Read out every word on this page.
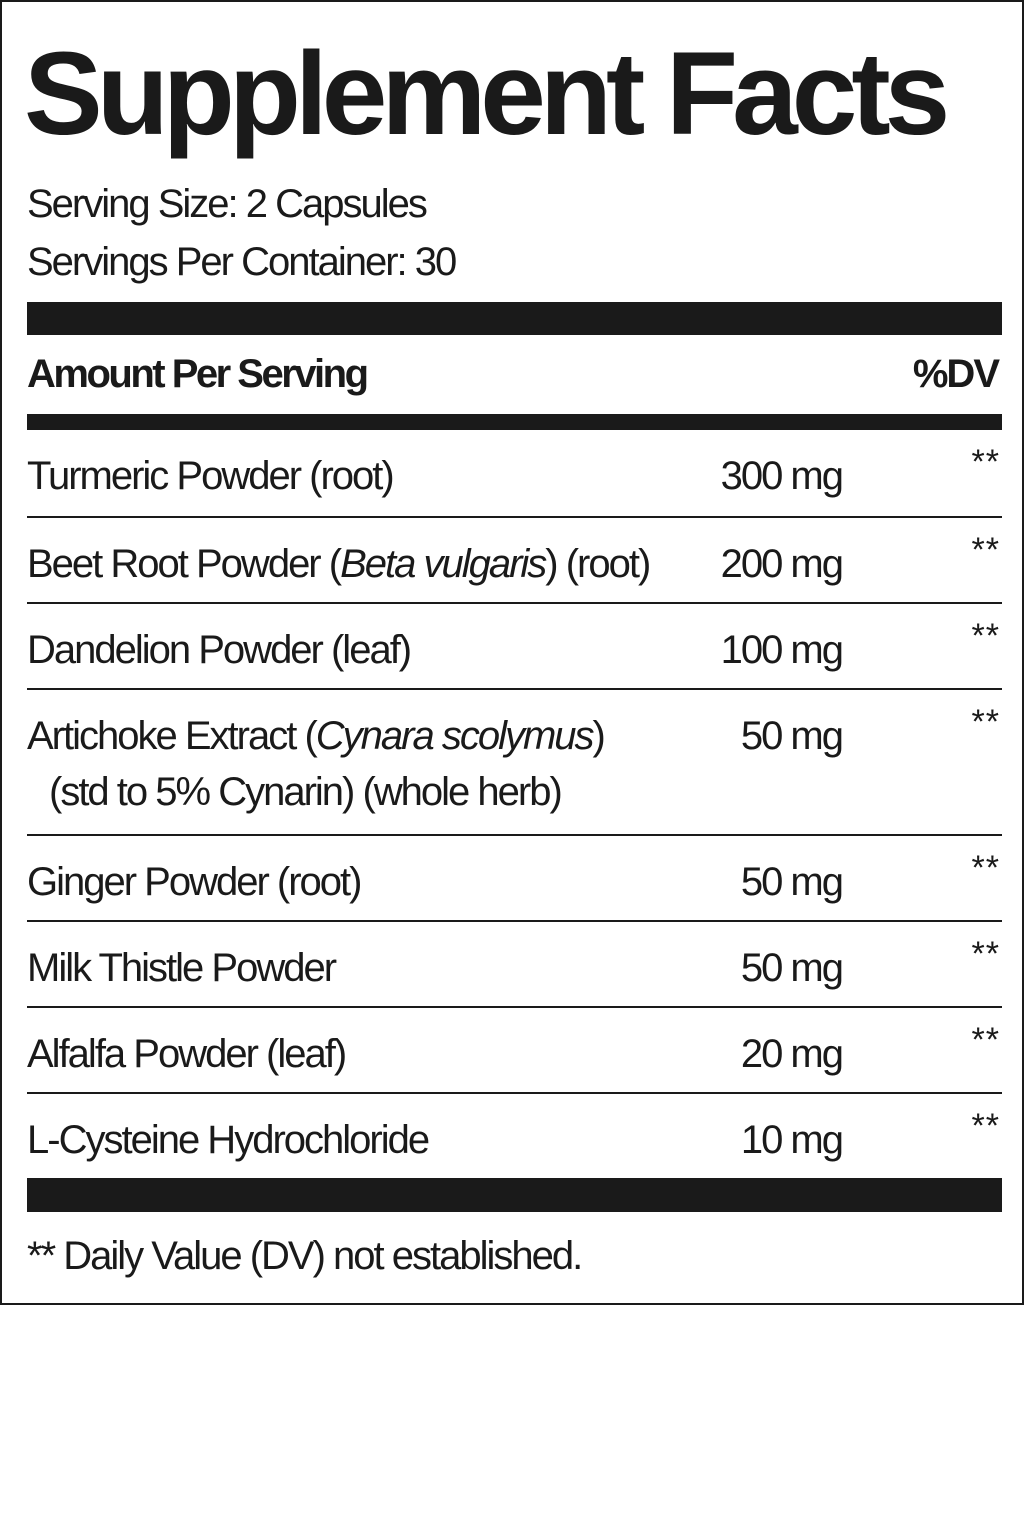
Supplement Facts
Serving Size: 2 Capsules
Servings Per Container: 30
Amount Per Serving	%DV
Turmeric Powder (root)	300 mg	**
Beet Root Powder (Beta vulgaris) (root) 200 mg	**
Dandelion Powder (leaf)	100 mg	**
Artichoke Extract (Cynara scolymus)
(std to 5% Cynarin) (whole herb)
50 mg	**
Ginger Powder (root)	50 mg	**
Milk Thistle Powder	50 mg	**
Alfalfa Powder (leaf)	20 mg	**
L-Cysteine Hydrochloride	10 mg	**
** Daily Value (DV) not established.
